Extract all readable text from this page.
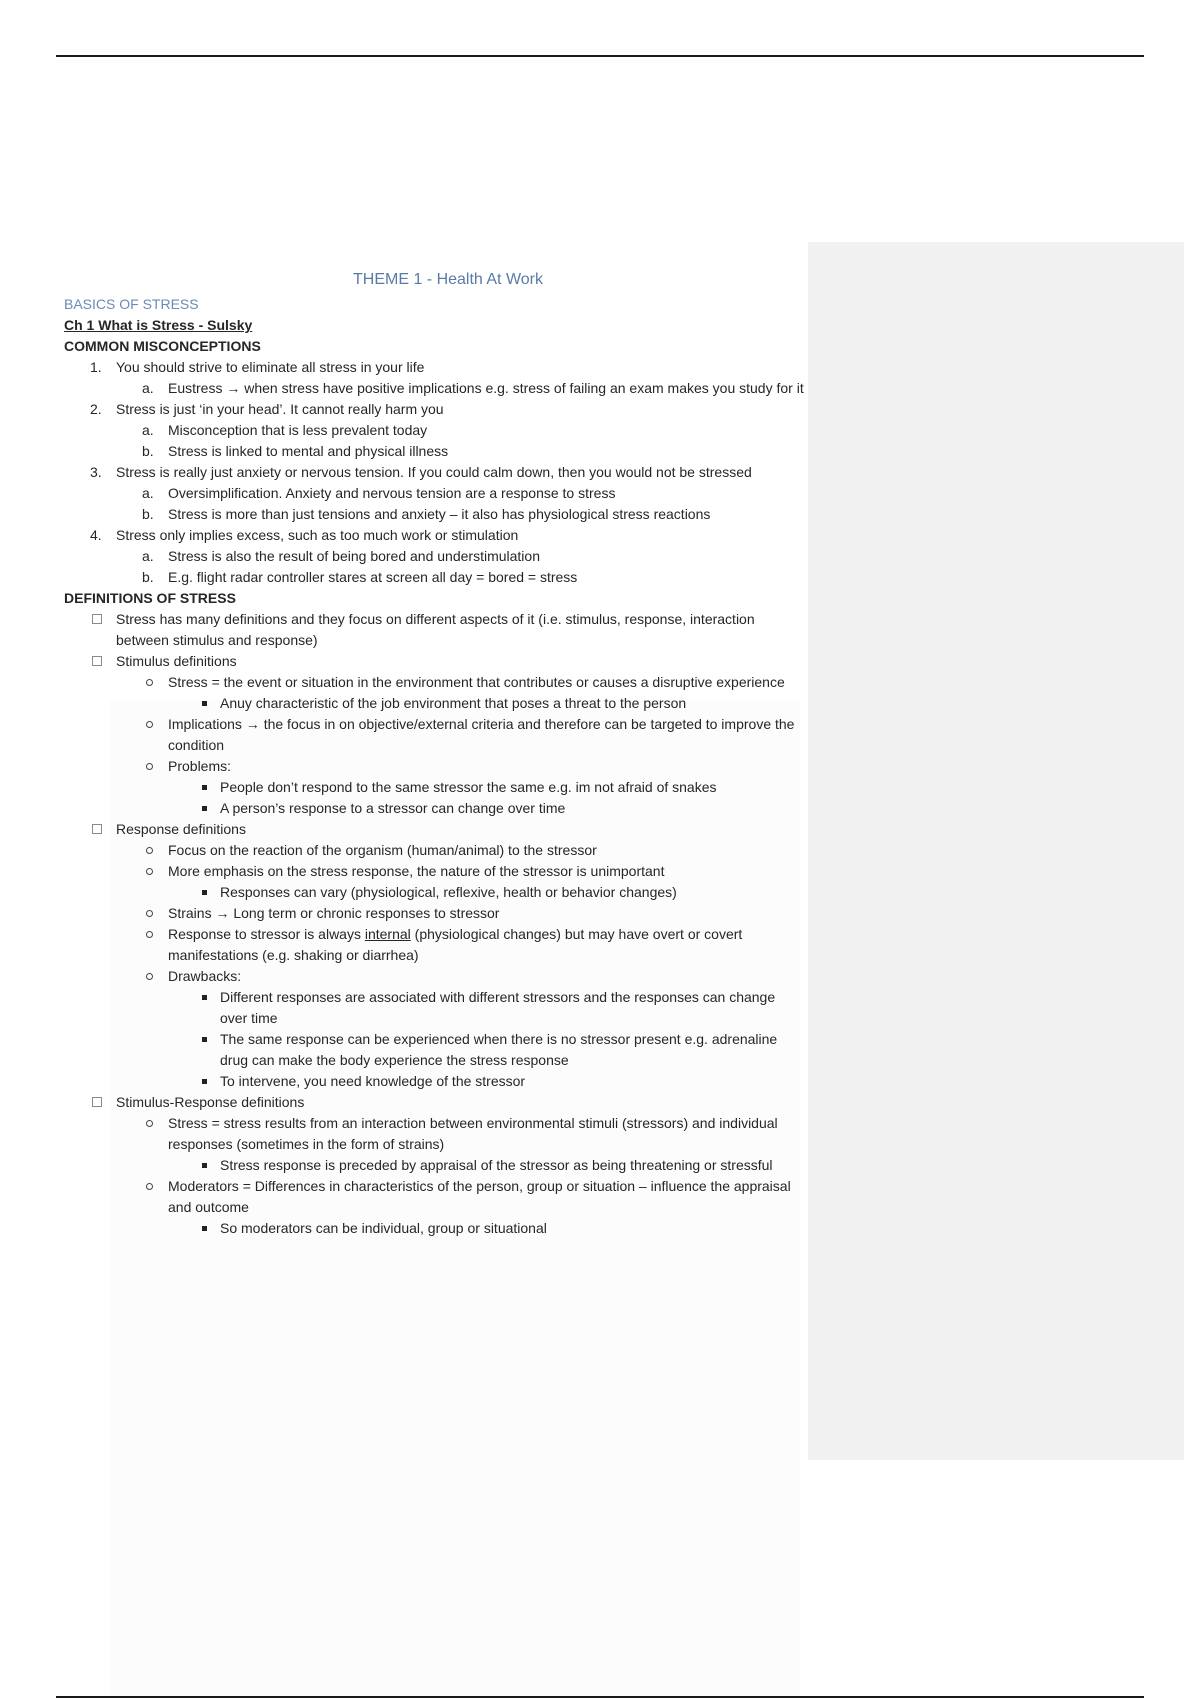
THEME 1 - Health At Work
BASICS OF STRESS
Ch 1 What is Stress - Sulsky
COMMON MISCONCEPTIONS
1.	You should strive to eliminate all stress in your life
a.	Eustress → when stress have positive implications e.g. stress of failing an exam makes you study for it
2.	Stress is just ‘in your head’. It cannot really harm you
a.	Misconception that is less prevalent today
b.	Stress is linked to mental and physical illness
3.	Stress is really just anxiety or nervous tension. If you could calm down, then you would not be stressed
a.	Oversimplification. Anxiety and nervous tension are a response to stress
b.	Stress is more than just tensions and anxiety – it also has physiological stress reactions
4.	Stress only implies excess, such as too much work or stimulation
a.	Stress is also the result of being bored and understimulation
b.	E.g. flight radar controller stares at screen all day = bored = stress
DEFINITIONS OF STRESS
Stress has many definitions and they focus on different aspects of it (i.e. stimulus, response, interaction between stimulus and response)
Stimulus definitions
Stress = the event or situation in the environment that contributes or causes a disruptive experience
Anuy characteristic of the job environment that poses a threat to the person
Implications → the focus in on objective/external criteria and therefore can be targeted to improve the condition
Problems:
People don’t respond to the same stressor the same e.g. im not afraid of snakes
A person’s response to a stressor can change over time
Response definitions
Focus on the reaction of the organism (human/animal) to the stressor
More emphasis on the stress response, the nature of the stressor is unimportant
Responses can vary (physiological, reflexive, health or behavior changes)
Strains → Long term or chronic responses to stressor
Response to stressor is always internal (physiological changes) but may have overt or covert manifestations (e.g. shaking or diarrhea)
Drawbacks:
Different responses are associated with different stressors and the responses can change over time
The same response can be experienced when there is no stressor present e.g. adrenaline drug can make the body experience the stress response
To intervene, you need knowledge of the stressor
Stimulus-Response definitions
Stress = stress results from an interaction between environmental stimuli (stressors) and individual responses (sometimes in the form of strains)
Stress response is preceded by appraisal of the stressor as being threatening or stressful
Moderators = Differences in characteristics of the person, group or situation – influence the appraisal and outcome
So moderators can be individual, group or situational
